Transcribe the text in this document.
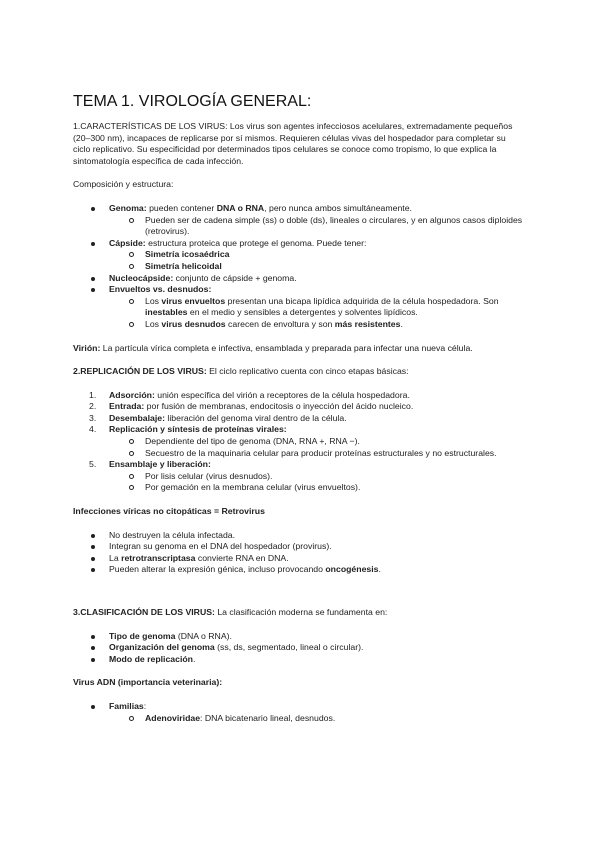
TEMA 1. VIROLOGÍA GENERAL:

1.CARACTERÍSTICAS DE LOS VIRUS: Los virus son agentes infecciosos acelulares, extremadamente pequeños (20–300 nm), incapaces de replicarse por sí mismos. Requieren células vivas del hospedador para completar su ciclo replicativo. Su especificidad por determinados tipos celulares se conoce como tropismo, lo que explica la sintomatología específica de cada infección.

Composición y estructura:

Genoma: pueden contener DNA o RNA, pero nunca ambos simultáneamente.
Pueden ser de cadena simple (ss) o doble (ds), lineales o circulares, y en algunos casos diploides (retrovirus).
Cápside: estructura proteica que protege el genoma. Puede tener:
Simetría icosaédrica
Simetría helicoidal
Nucleocápside: conjunto de cápside + genoma.
Envueltos vs. desnudos:
Los virus envueltos presentan una bicapa lipídica adquirida de la célula hospedadora. Son inestables en el medio y sensibles a detergentes y solventes lipídicos.
Los virus desnudos carecen de envoltura y son más resistentes.

Virión: La partícula vírica completa e infectiva, ensamblada y preparada para infectar una nueva célula.

2.REPLICACIÓN DE LOS VIRUS: El ciclo replicativo cuenta con cinco etapas básicas:

1.	Adsorción: unión específica del virión a receptores de la célula hospedadora.
2.	Entrada: por fusión de membranas, endocitosis o inyección del ácido nucleico.
3.	Desembalaje: liberación del genoma viral dentro de la célula.
4.	Replicación y síntesis de proteínas virales:
Dependiente del tipo de genoma (DNA, RNA +, RNA −).
Secuestro de la maquinaria celular para producir proteínas estructurales y no estructurales.
5.	Ensamblaje y liberación:
Por lisis celular (virus desnudos).
Por gemación en la membrana celular (virus envueltos).

Infecciones víricas no citopáticas = Retrovirus

No destruyen la célula infectada.
Integran su genoma en el DNA del hospedador (provirus).
La retrotranscriptasa convierte RNA en DNA.
Pueden alterar la expresión génica, incluso provocando oncogénesis.

3.CLASIFICACIÓN DE LOS VIRUS: La clasificación moderna se fundamenta en:

Tipo de genoma (DNA o RNA).
Organización del genoma (ss, ds, segmentado, lineal o circular).
Modo de replicación.

Virus ADN (importancia veterinaria):

Familias:
Adenoviridae: DNA bicatenario lineal, desnudos.
